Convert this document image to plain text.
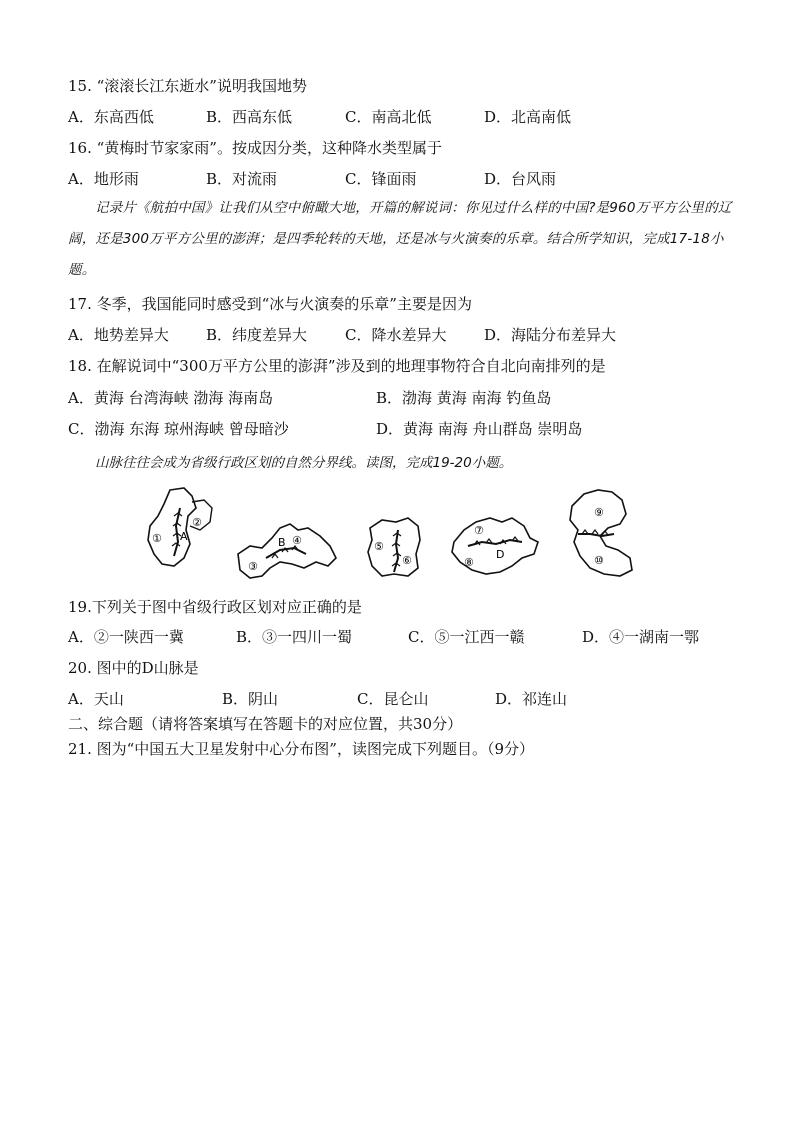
15. “滚滚长江东逝水”说明我国地势
A．东高西低	B．西高东低	C．南高北低	D．北高南低
16. “黄梅时节家家雨”。按成因分类，这种降水类型属于
A．地形雨	B．对流雨	C．锋面雨	D．台风雨
记录片《航拍中国》让我们从空中俯瞰大地，开篇的解说词：你见过什么样的中国?是960万平方公里的辽阔，还是300万平方公里的澎湃；是四季轮转的天地，还是冰与火演奏的乐章。结合所学知识，完成17-18小题。
17. 冬季，我国能同时感受到“冰与火演奏的乐章”主要是因为
A．地势差异大 B．纬度差异大	C．降水差异大	D．海陆分布差异大
18. 在解说词中“300万平方公里的澎湃”涉及到的地理事物符合自北向南排列的是
A．黄海 台湾海峡 渤海 海南岛	B．渤海 黄海 南海 钓鱼岛
C．渤海 东海 琼州海峡 曾母暗沙	D．黄海 南海 舟山群岛 崇明岛
山脉往往会成为省级行政区划的自然分界线。读图，完成19-20小题。
①
②
A
③
④
B	⑤
⑥
⑦
⑧
D
⑨
⑩
19.下列关于图中省级行政区划对应正确的是
A．②一陕西一冀	B．③一四川一蜀	C．⑤一江西一赣	D．④一湖南一鄂
20. 图中的D山脉是
A．天山	B．阴山	C．昆仑山	D．祁连山
二、综合题（请将答案填写在答题卡的对应位置，共30分）
21. 图为“中国五大卫星发射中心分布图”，读图完成下列题目。（9分）
